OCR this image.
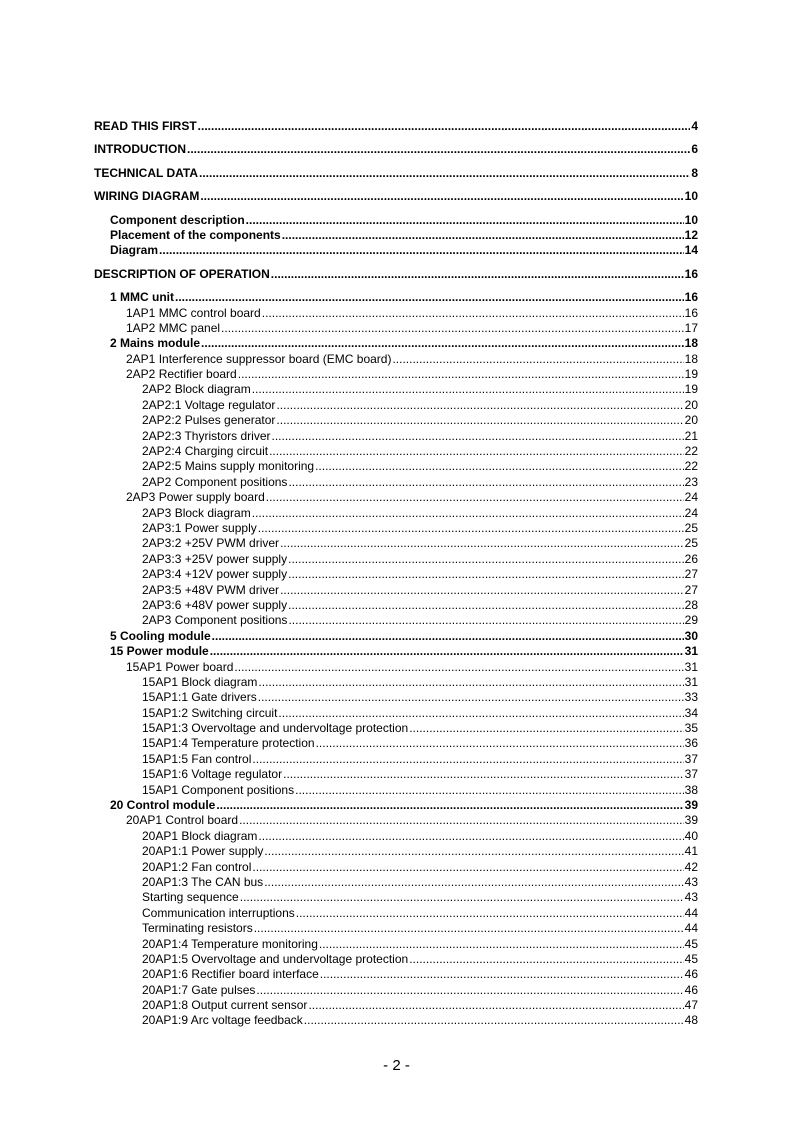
READ THIS FIRST .....	4
INTRODUCTION .....	6
TECHNICAL DATA .....	8
WIRING DIAGRAM .....	10
Component description .....	10
Placement of the components .....	12
Diagram .....	14
DESCRIPTION OF OPERATION .....	16
1 MMC unit .....	16
1AP1 MMC control board .....	16
1AP2 MMC panel .....	17
2 Mains module .....	18
2AP1 Interference suppressor board (EMC board) .....	18
2AP2 Rectifier board .....	19
2AP2 Block diagram .....	19
2AP2:1 Voltage regulator .....	20
2AP2:2 Pulses generator .....	20
2AP2:3 Thyristors driver .....	21
2AP2:4 Charging circuit .....	22
2AP2:5 Mains supply monitoring .....	22
2AP2 Component positions .....	23
2AP3 Power supply board .....	24
2AP3 Block diagram .....	24
2AP3:1 Power supply .....	25
2AP3:2 +25V PWM driver .....	25
2AP3:3 +25V power supply .....	26
2AP3:4 +12V power supply .....	27
2AP3:5 +48V PWM driver .....	27
2AP3:6 +48V power supply .....	28
2AP3 Component positions .....	29
5 Cooling module .....	30
15 Power module .....	31
15AP1 Power board .....	31
15AP1 Block diagram .....	31
15AP1:1 Gate drivers .....	33
15AP1:2 Switching circuit .....	34
15AP1:3 Overvoltage and undervoltage protection .....	35
15AP1:4 Temperature protection .....	36
15AP1:5 Fan control .....	37
15AP1:6 Voltage regulator .....	37
15AP1 Component positions .....	38
20 Control module .....	39
20AP1 Control board .....	39
20AP1 Block diagram .....	40
20AP1:1 Power supply .....	41
20AP1:2 Fan control .....	42
20AP1:3 The CAN bus .....	43
Starting sequence .....	43
Communication interruptions .....	44
Terminating resistors .....	44
20AP1:4 Temperature monitoring .....	45
20AP1:5 Overvoltage and undervoltage protection .....	45
20AP1:6 Rectifier board interface .....	46
20AP1:7 Gate pulses .....	46
20AP1:8 Output current sensor .....	47
20AP1:9 Arc voltage feedback .....	48
- 2 -
